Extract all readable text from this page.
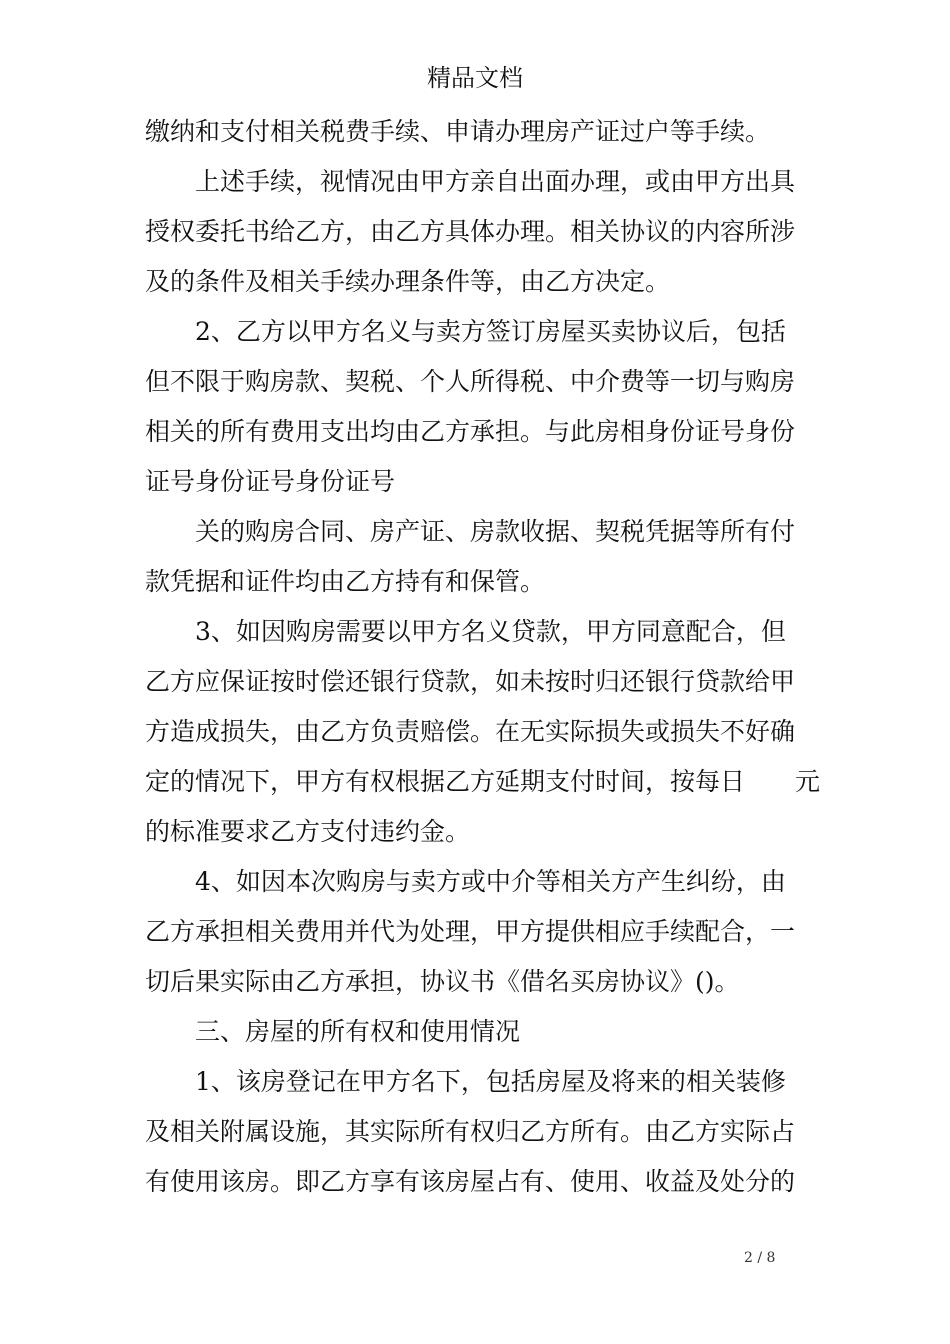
精品文档
缴纳和支付相关税费手续、申请办理房产证过户等手续。
　　上述手续，视情况由甲方亲自出面办理，或由甲方出具
授权委托书给乙方，由乙方具体办理。相关协议的内容所涉
及的条件及相关手续办理条件等，由乙方决定。
　　2、乙方以甲方名义与卖方签订房屋买卖协议后，包括
但不限于购房款、契税、个人所得税、中介费等一切与购房
相关的所有费用支出均由乙方承担。与此房相身份证号身份
证号身份证号身份证号
　　关的购房合同、房产证、房款收据、契税凭据等所有付
款凭据和证件均由乙方持有和保管。
　　3、如因购房需要以甲方名义贷款，甲方同意配合，但
乙方应保证按时偿还银行贷款，如未按时归还银行贷款给甲
方造成损失，由乙方负责赔偿。在无实际损失或损失不好确
定的情况下，甲方有权根据乙方延期支付时间，按每日　　元
的标准要求乙方支付违约金。
　　4、如因本次购房与卖方或中介等相关方产生纠纷，由
乙方承担相关费用并代为处理，甲方提供相应手续配合，一
切后果实际由乙方承担，协议书《借名买房协议》()。
　　三、房屋的所有权和使用情况
　　1、该房登记在甲方名下，包括房屋及将来的相关装修
及相关附属设施，其实际所有权归乙方所有。由乙方实际占
有使用该房。即乙方享有该房屋占有、使用、收益及处分的
2 / 8
